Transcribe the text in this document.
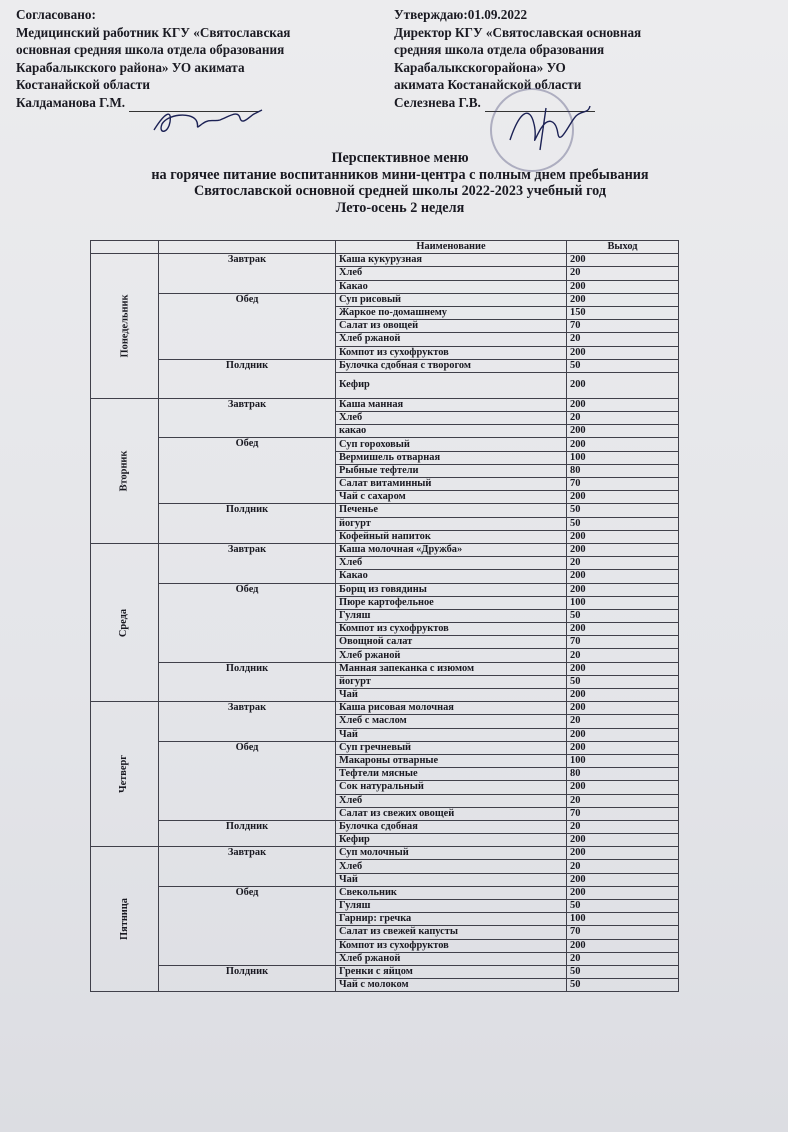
Согласовано:
Медицинский работник КГУ «Святославская
основная средняя школа отдела образования
Карабалыкского района» УО акимата
Костанайской области
Калдаманова Г.М.
Утверждаю:01.09.2022
Директор КГУ «Святославская основная
средняя школа отдела образования
Карабалыкскогорайона» УО
акимата Костанайской области
Селезнева Г.В.
Перспективное меню
на горячее питание воспитанников мини-центра с полным днем пребывания
Святославской основной средней школы 2022-2023 учебный год
Лето-осень 2 неделя
		Наименование	Выход
Понедельник	Завтрак	Каша кукурузная	200
		Хлеб	20
		Какао	200
	Обед	Суп рисовый	200
		Жаркое по-домашнему	150
		Салат из овощей	70
		Хлеб ржаной	20
		Компот из сухофруктов	200
	Полдник	Булочка сдобная с творогом	50
		Кефир	200
Вторник	Завтрак	Каша манная	200
		Хлеб	20
		какао	200
	Обед	Суп гороховый	200
		Вермишель отварная	100
		Рыбные тефтели	80
		Салат витаминный	70
		Чай с сахаром	200
	Полдник	Печенье	50
		йогурт	50
		Кофейный напиток	200
Среда	Завтрак	Каша молочная «Дружба»	200
		Хлеб	20
		Какао	200
	Обед	Борщ из говядины	200
		Пюре картофельное	100
		Гуляш	50
		Компот из сухофруктов	200
		Овощной салат	70
		Хлеб ржаной	20
	Полдник	Манная запеканка с изюмом	200
		йогурт	50
		Чай	200
Четверг	Завтрак	Каша рисовая молочная	200
		Хлеб с маслом	20
		Чай	200
	Обед	Суп гречневый	200
		Макароны отварные	100
		Тефтели мясные	80
		Сок натуральный	200
		Хлеб	20
		Салат из свежих овощей	70
	Полдник	Булочка сдобная	20
		Кефир	200
Пятница	Завтрак	Суп молочный	200
		Хлеб	20
		Чай	200
	Обед	Свекольник	200
		Гуляш	50
		Гарнир: гречка	100
		Салат из свежей капусты	70
		Компот из сухофруктов	200
		Хлеб ржаной	20
	Полдник	Гренки с яйцом	50
		Чай с молоком	50
